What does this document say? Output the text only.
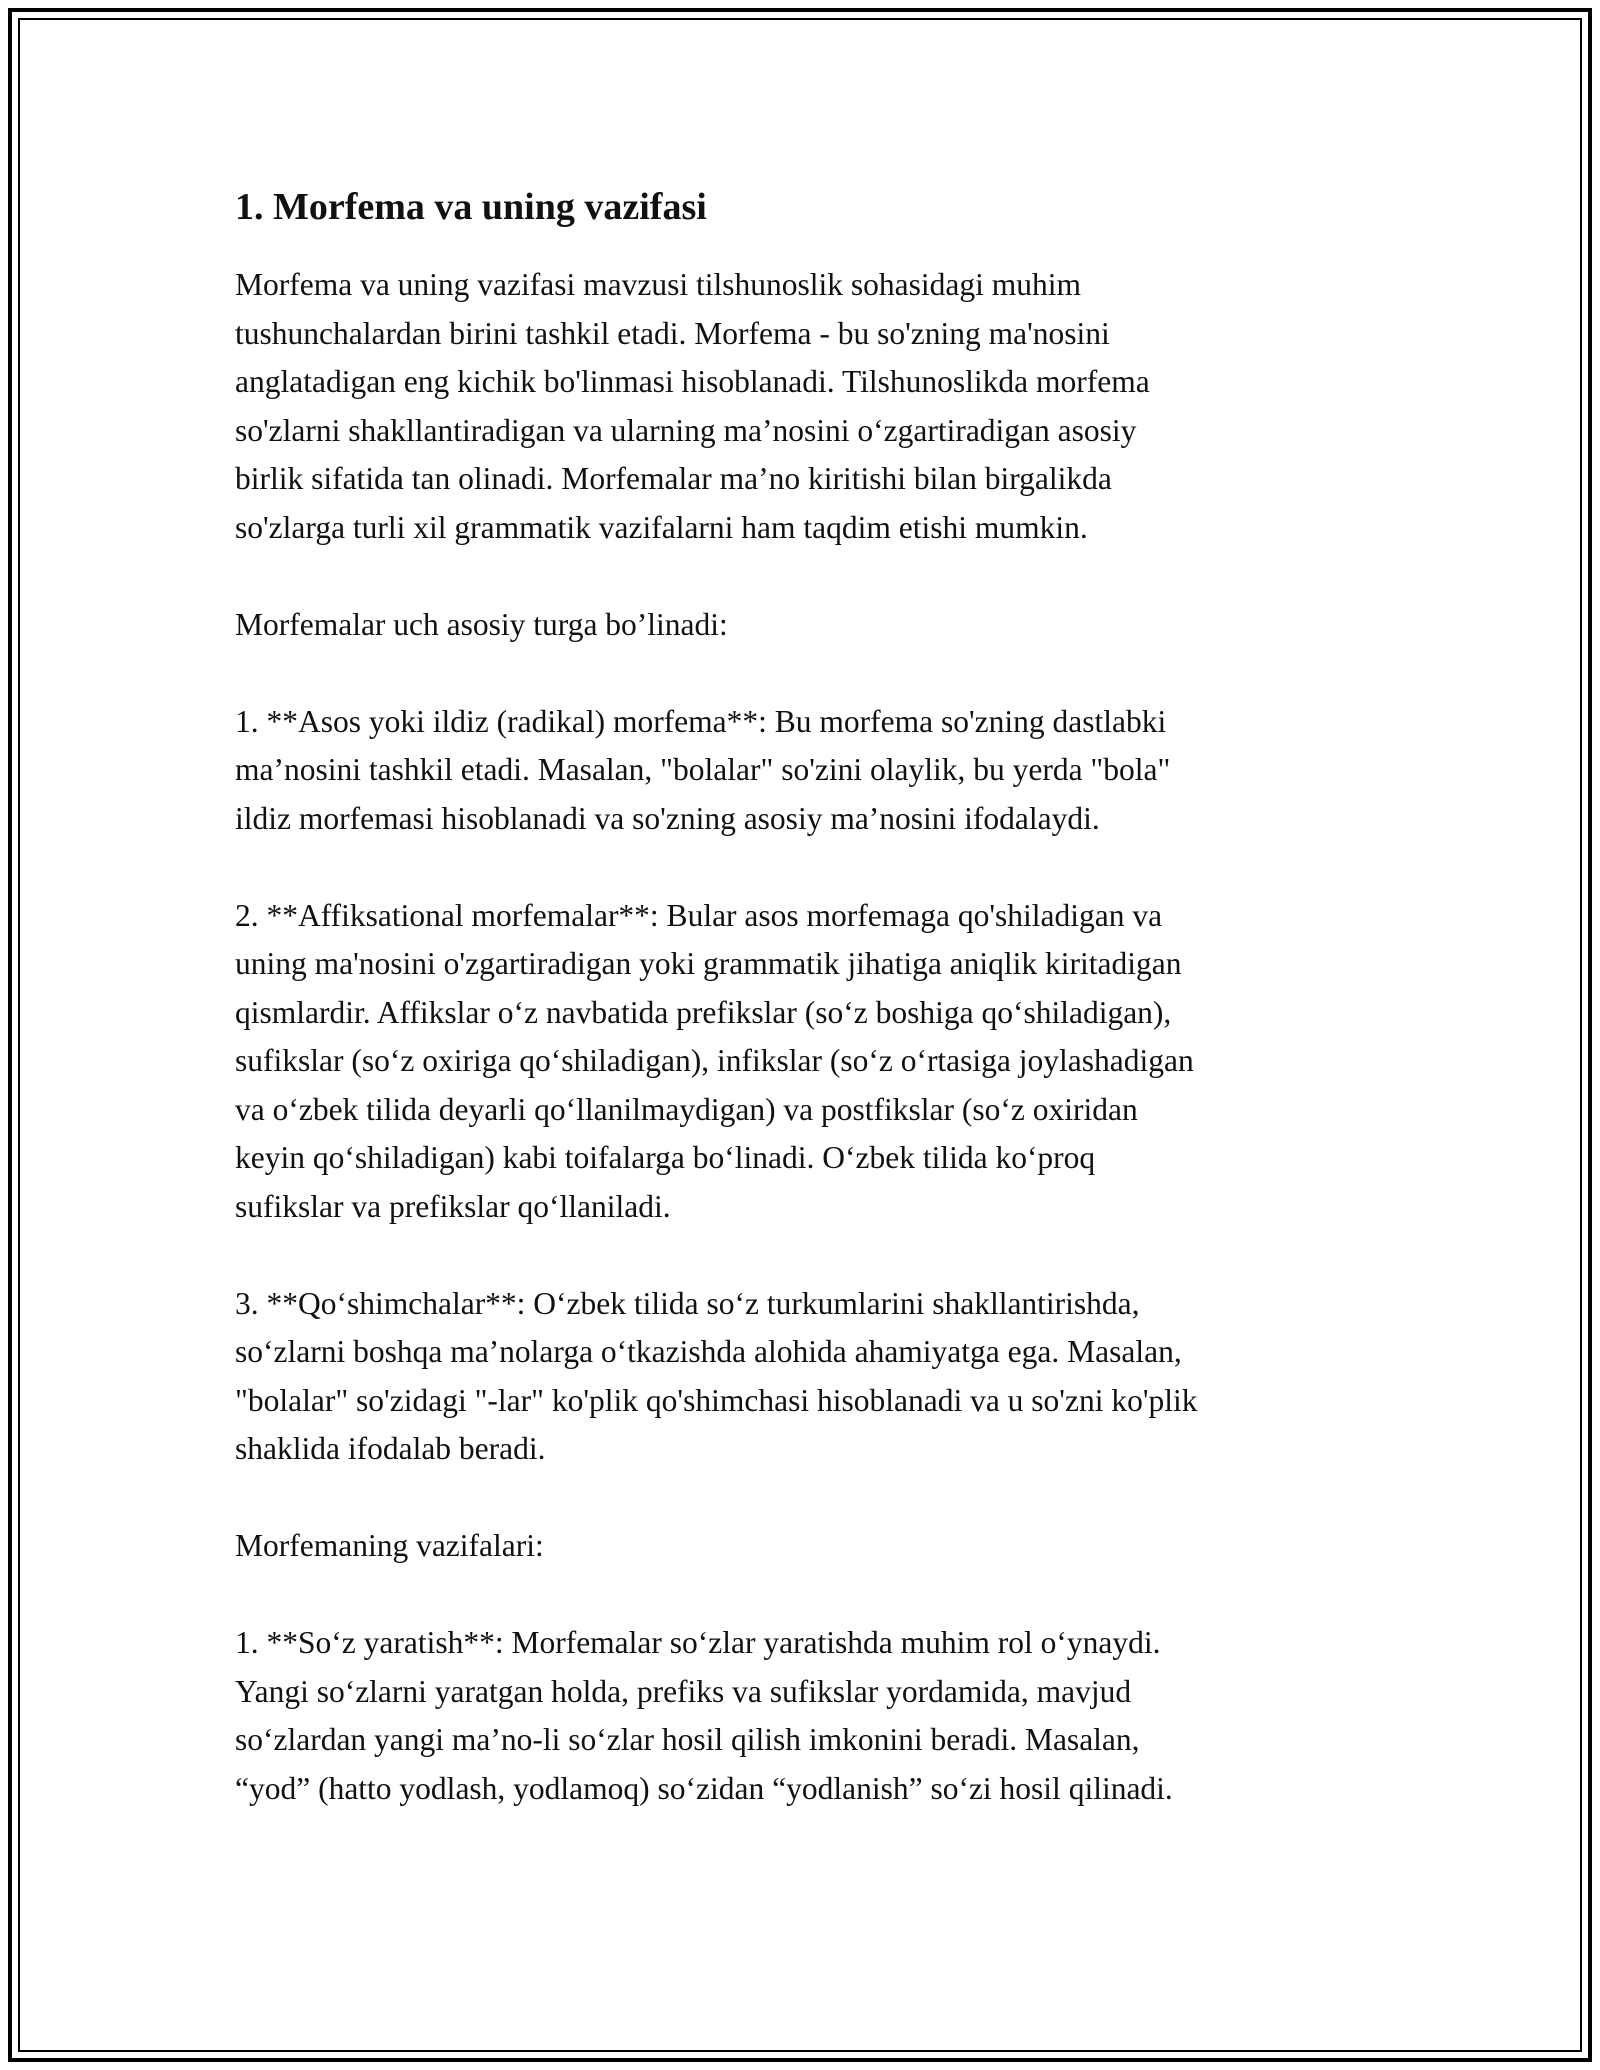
1. Morfema va uning vazifasi

Morfema va uning vazifasi mavzusi tilshunoslik sohasidagi muhim
tushunchalardan birini tashkil etadi. Morfema - bu so'zning ma'nosini
anglatadigan eng kichik bo'linmasi hisoblanadi. Tilshunoslikda morfema
so'zlarni shakllantiradigan va ularning ma’nosini o‘zgartiradigan asosiy
birlik sifatida tan olinadi. Morfemalar ma’no kiritishi bilan birgalikda
so'zlarga turli xil grammatik vazifalarni ham taqdim etishi mumkin.

Morfemalar uch asosiy turga bo’linadi:

1. **Asos yoki ildiz (radikal) morfema**: Bu morfema so'zning dastlabki
ma’nosini tashkil etadi. Masalan, "bolalar" so'zini olaylik, bu yerda "bola"
ildiz morfemasi hisoblanadi va so'zning asosiy ma’nosini ifodalaydi.

2. **Affiksational morfemalar**: Bular asos morfemaga qo'shiladigan va
uning ma'nosini o'zgartiradigan yoki grammatik jihatiga aniqlik kiritadigan
qismlardir. Affikslar o‘z navbatida prefikslar (so‘z boshiga qo‘shiladigan),
sufikslar (so‘z oxiriga qo‘shiladigan), infikslar (so‘z o‘rtasiga joylashadigan
va o‘zbek tilida deyarli qo‘llanilmaydigan) va postfikslar (so‘z oxiridan
keyin qo‘shiladigan) kabi toifalarga bo‘linadi. O‘zbek tilida ko‘proq
sufikslar va prefikslar qo‘llaniladi.

3. **Qo‘shimchalar**: O‘zbek tilida so‘z turkumlarini shakllantirishda,
so‘zlarni boshqa ma’nolarga o‘tkazishda alohida ahamiyatga ega. Masalan,
"bolalar" so'zidagi "-lar" ko'plik qo'shimchasi hisoblanadi va u so'zni ko'plik
shaklida ifodalab beradi.

Morfemaning vazifalari:

1. **So‘z yaratish**: Morfemalar so‘zlar yaratishda muhim rol o‘ynaydi.
Yangi so‘zlarni yaratgan holda, prefiks va sufikslar yordamida, mavjud
so‘zlardan yangi ma’no-li so‘zlar hosil qilish imkonini beradi. Masalan,
“yod” (hatto yodlash, yodlamoq) so‘zidan “yodlanish” so‘zi hosil qilinadi.
